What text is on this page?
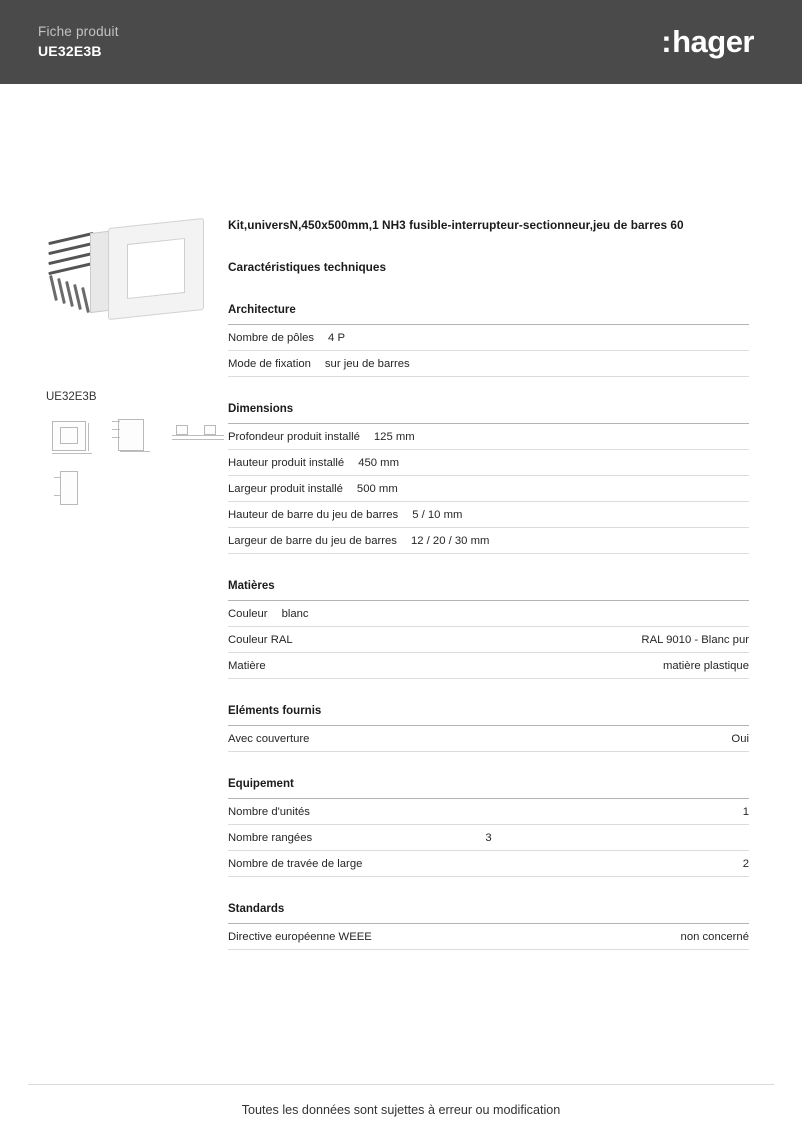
Fiche produit
UE32E3B	: hager
UE32E3B
Kit,universN,450x500mm,1 NH3 fusible-interrupteur-sectionneur,jeu de barres 60
Caractéristiques techniques
Architecture
Nombre de pôles 4 P
Mode de fixation sur jeu de barres
Dimensions
Profondeur produit installé 125 mm
Hauteur produit installé 450 mm
Largeur produit installé 500 mm
Hauteur de barre du jeu de barres 5 / 10 mm
Largeur de barre du jeu de barres 12 / 20 / 30 mm
Matières
Couleur blanc
Couleur RAL	RAL 9010 - Blanc pur
Matière	matière plastique
Eléments fournis
Avec couverture	Oui
Equipement
Nombre d'unités	1
Nombre rangées	3
Nombre de travée de large	2
Standards
Directive européenne WEEE	non concerné
Toutes les données sont sujettes à erreur ou modification
